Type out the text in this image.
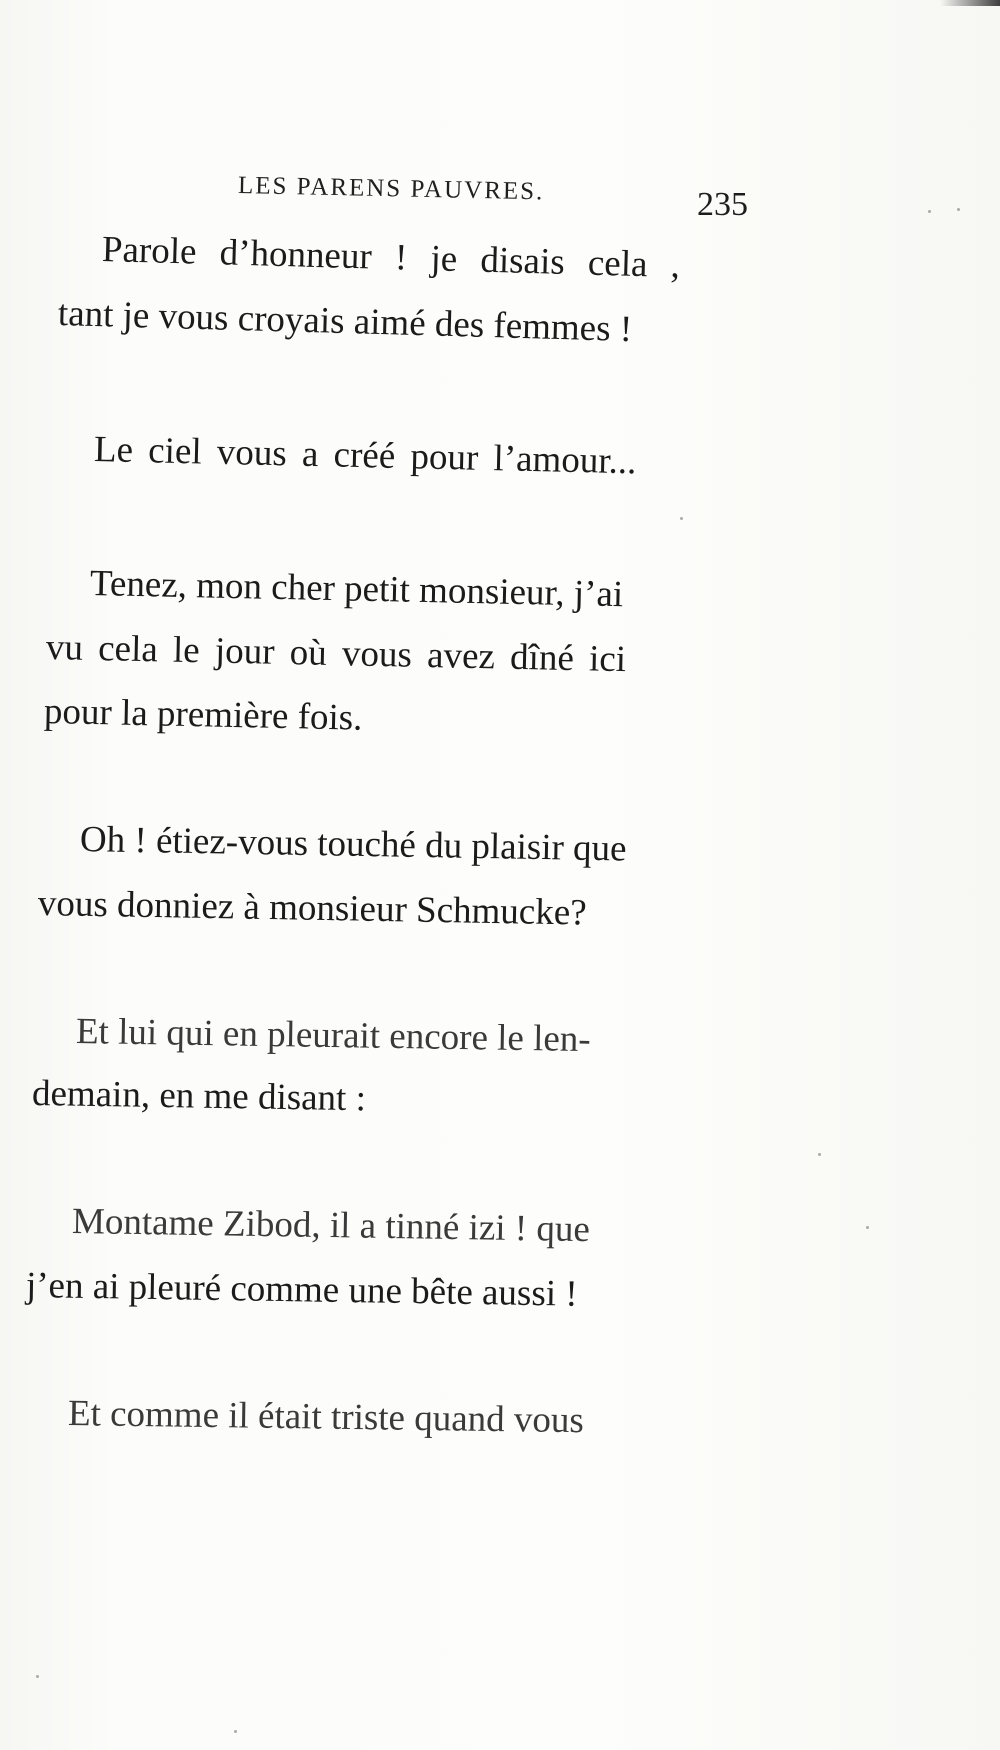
LES PARENS PAUVRES.	235
Parole d’honneur ! je disais cela ,
tant je vous croyais aimé des femmes !
Le ciel vous a créé pour l’amour...
Tenez, mon cher petit monsieur, j’ai
vu cela le jour où vous avez dîné ici
pour la première fois.
Oh ! étiez-vous touché du plaisir que
vous donniez à monsieur Schmucke?
Et lui qui en pleurait encore le len-
demain, en me disant :
Montame Zibod, il a tinné izi ! que
j’en ai pleuré comme une bête aussi !
Et comme il était triste quand vous
